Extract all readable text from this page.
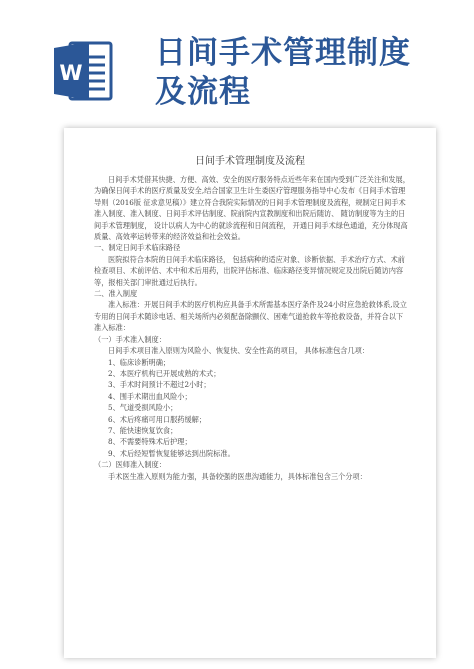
W
日间手术管理制度
及流程
日间手术管理制度及流程

日间手术凭借其快捷、方便、高效、安全的医疗服务特点近些年来在国内受到广泛关注和发展，为确保日间手术的医疗质量及安全,结合国家卫生计生委医疗管理服务指导中心发布《日间手术管理导则（2016版 征求意见稿）》建立符合我院实际情况的日间手术管理制度及流程，规制定日间手术准入制度、准入制度、日间手术评估制度、院前院内宣教制度和出院后随访、 随访制度等为主的日间手术管理制度， 设计以病人为中心的就诊流程和日间流程， 开通日间手术绿色通道，充分体现高质量、高效率运转带来的经济效益和社会效益。

一、制定日间手术临床路径

医院拟符合本院的日间手术临床路径， 包括病种的适应对象、诊断依据、手术治疗方式、术前检查项目、术前评估、术中和术后用药，出院评估标准、临床路径变异情况规定及出院后随访内容等，报相关部门审批通过后执行。

二、准入制度

准入标准：开展日间手术的医疗机构应具备手术所需基本医疗条件及24小时应急抢救体系,设立专用的日间手术随诊电话、相关场所内必须配备除颤仪、困难气道抢救车等抢救设备，并符合以下准入标准：

（一）手术准入制度：

日间手术项目准入原则为风险小、恢复快、安全性高的项目， 具体标准包含几项：

1、临床诊断明确；

2、本医疗机构已开展成熟的术式；

3、手术时间预计不超过2小时；

4、围手术期出血风险小；

5、气道受损风险小；

6、术后疼痛可用口服药缓解；

7、能快速恢复饮食；

8、不需要特殊术后护理；

9、术后经短暂恢复能够达到出院标准。

（二）医师准入制度：

手术医生准入原则为能力强，具备较强的医患沟通能力，具体标准包含三个分项：
